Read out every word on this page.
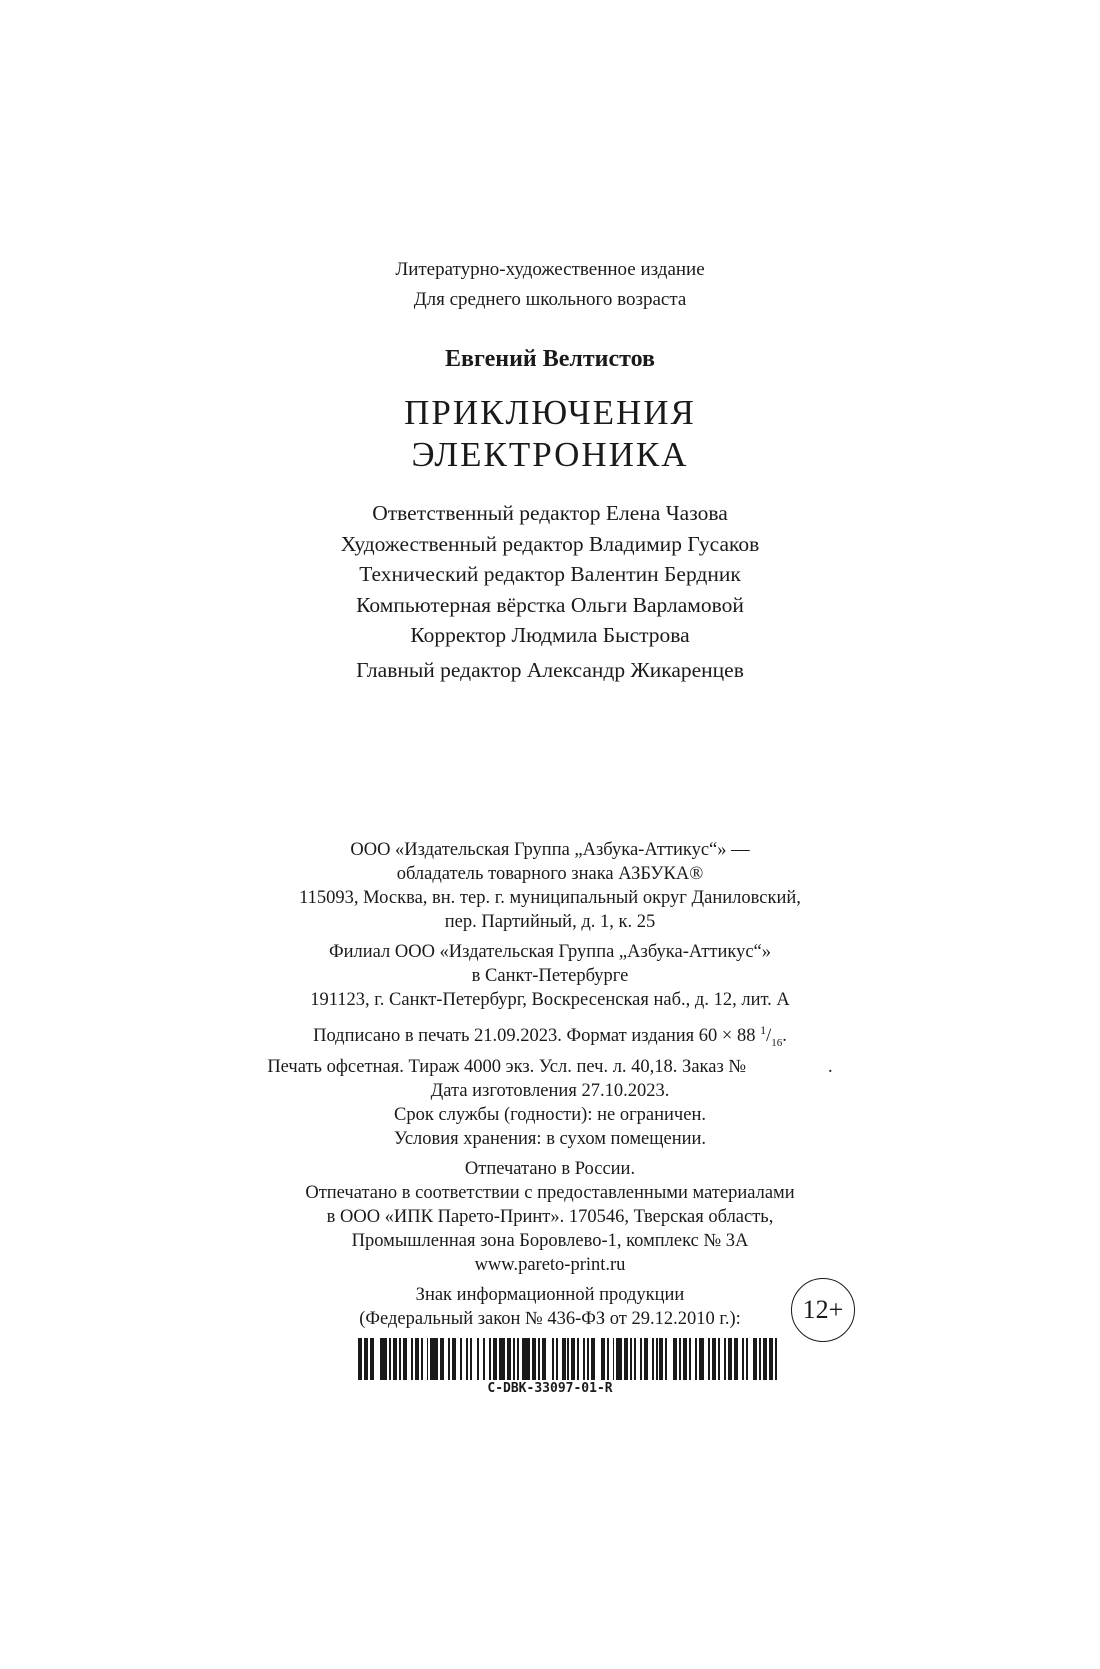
Литературно-художественное издание
Для среднего школьного возраста
Евгений Велтистов
ПРИКЛЮЧЕНИЯ
ЭЛЕКТРОНИКА
Ответственный редактор Елена Чазова
Художественный редактор Владимир Гусаков
Технический редактор Валентин Бердник
Компьютерная вёрстка Ольги Варламовой
Корректор Людмила Быстрова
Главный редактор Александр Жикаренцев
ООО «Издательская Группа „Азбука-Аттикус“» —
обладатель товарного знака АЗБУКА®
115093, Москва, вн. тер. г. муниципальный округ Даниловский,
пер. Партийный, д. 1, к. 25
Филиал ООО «Издательская Группа „Азбука-Аттикус“»
в Санкт-Петербурге
191123, г. Санкт-Петербург, Воскресенская наб., д. 12, лит. А
Подписано в печать 21.09.2023. Формат издания 60 × 88 $^1/_{16}$.
Печать офсетная. Тираж 4000 экз. Усл. печ. л. 40,18. Заказ №	.
Дата изготовления 27.10.2023.
Срок службы (годности): не ограничен.
Условия хранения: в сухом помещении.
Отпечатано в России.
Отпечатано в соответствии с предоставленными материалами
в ООО «ИПК Парето-Принт». 170546, Тверская область,
Промышленная зона Боровлево-1, комплекс № 3А
www.pareto-print.ru
Знак информационной продукции
(Федеральный закон № 436-ФЗ от 29.12.2010 г.):	12+
C-DBK-33097-01-R
